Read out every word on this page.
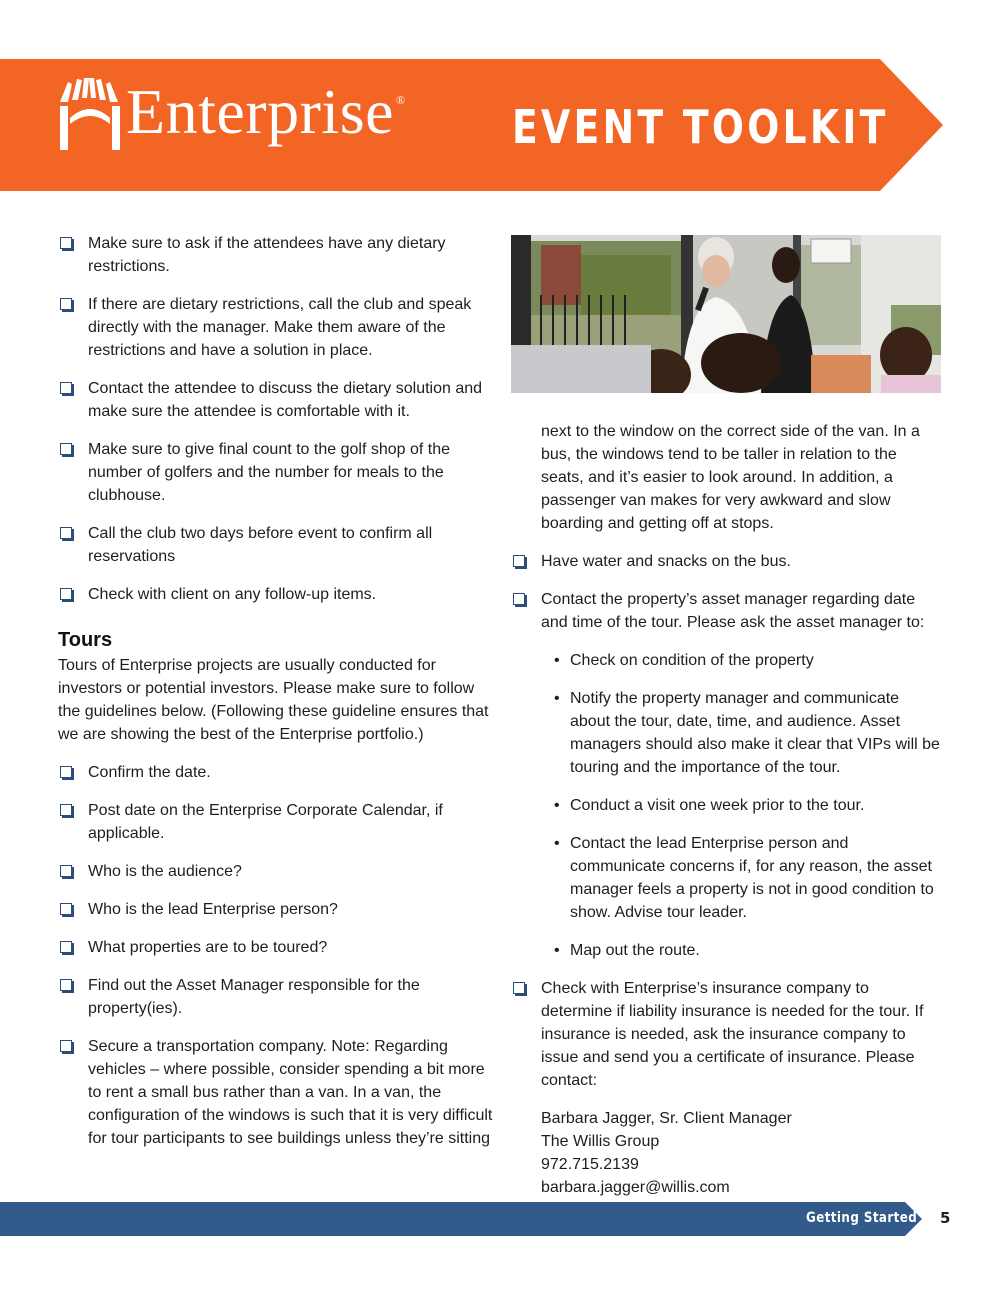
Enterprise ® EVENT TOOLKIT
Make sure to ask if the attendees have any dietary restrictions.
If there are dietary restrictions, call the club and speak directly with the manager. Make them aware of the restrictions and have a solution in place.
Contact the attendee to discuss the dietary solution and make sure the attendee is comfortable with it.
Make sure to give final count to the golf shop of the number of golfers and the number for meals to the clubhouse.
Call the club two days before event to confirm all reservations
Check with client on any follow-up items.
Tours

Tours of Enterprise projects are usually conducted for investors or potential investors. Please make sure to follow the guidelines below. (Following these guideline ensures that we are showing the best of the Enterprise portfolio.)

Confirm the date.
Post date on the Enterprise Corporate Calendar, if applicable.
Who is the audience?
Who is the lead Enterprise person?
What properties are to be toured?
Find out the Asset Manager responsible for the property(ies).
Secure a transportation company. Note: Regarding vehicles – where possible, consider spending a bit more to rent a small bus rather than a van. In a van, the configuration of the windows is such that it is very difficult for tour participants to see buildings unless they’re sitting
next to the window on the correct side of the van. In a bus, the windows tend to be taller in relation to the seats, and it’s easier to look around. In addition, a passenger van makes for very awkward and slow boarding and getting off at stops.
Have water and snacks on the bus.
Contact the property’s asset manager regarding date and time of the tour. Please ask the asset manager to:
• Check on condition of the property
• Notify the property manager and communicate about the tour, date, time, and audience. Asset managers should also make it clear that VIPs will be touring and the importance of the tour.
• Conduct a visit one week prior to the tour.
• Contact the lead Enterprise person and communicate concerns if, for any reason, the asset manager feels a property is not in good condition to show. Advise tour leader.
• Map out the route.
Check with Enterprise’s insurance company to determine if liability insurance is needed for the tour. If insurance is needed, ask the insurance company to issue and send you a certificate of insurance. Please contact:
Barbara Jagger, Sr. Client Manager
The Willis Group
972.715.2139
barbara.jagger@willis.com
Getting Started 5
